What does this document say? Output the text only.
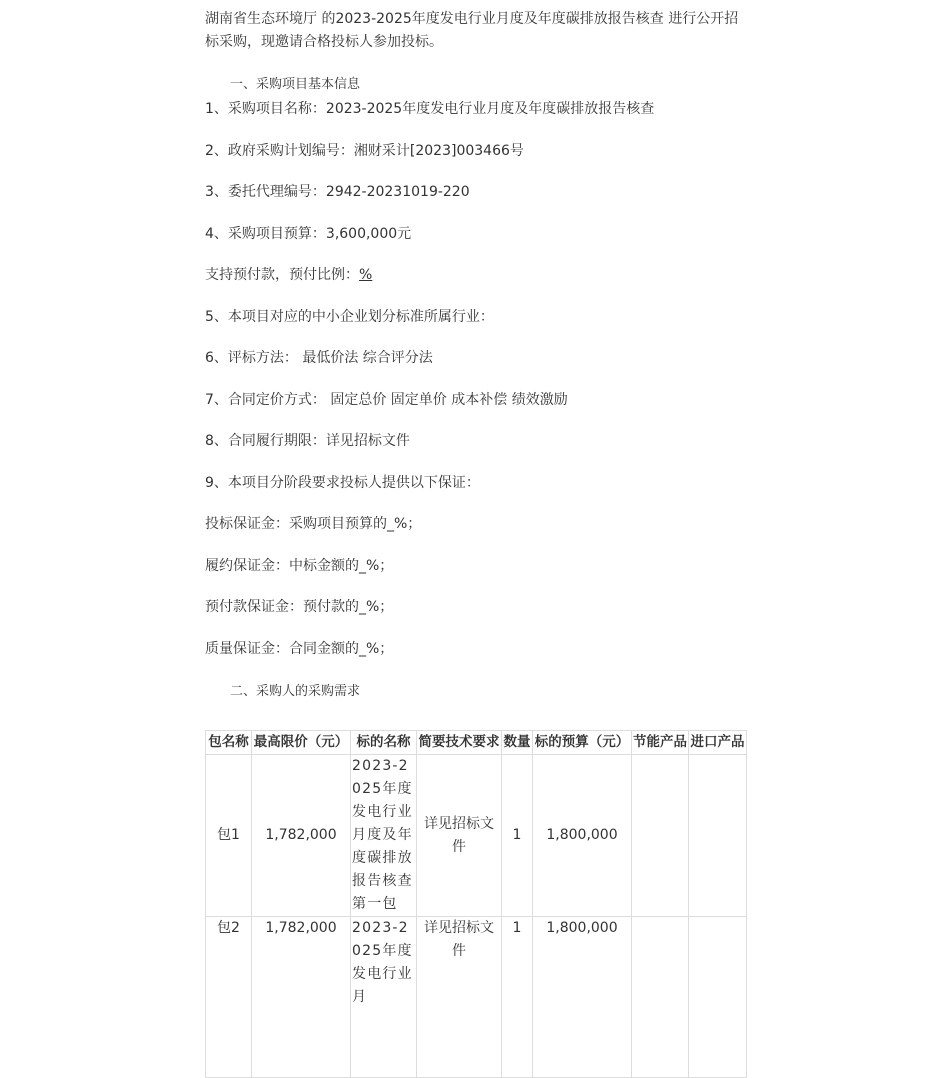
湖南省生态环境厅 的2023-2025年度发电行业月度及年度碳排放报告核查 进行公开招标采购，现邀请合格投标人参加投标。

一、采购项目基本信息

1、采购项目名称：2023-2025年度发电行业月度及年度碳排放报告核查

2、政府采购计划编号：湘财采计[2023]003466号

3、委托代理编号：2942-20231019-220

4、采购项目预算：3,600,000元

支持预付款，预付比例：%

5、本项目对应的中小企业划分标准所属行业：

6、评标方法： 最低价法 综合评分法

7、合同定价方式： 固定总价 固定单价 成本补偿 绩效激励

8、合同履行期限：详见招标文件

9、本项目分阶段要求投标人提供以下保证：

投标保证金：采购项目预算的_%；

履约保证金：中标金额的_%；

预付款保证金：预付款的_%；

质量保证金：合同金额的_%；

二、采购人的采购需求
包名称	最高限价（元）	标的名称	简要技术要求	数量	标的预算（元）	节能产品	进口产品
包1	1,782,000	2023-2025年度发电行业月度及年度碳排放报告核查第一包	详见招标文件	1	1,800,000		
包2	1,782,000	2023-2025年度发电行业月	详见招标文件	1	1,800,000		
